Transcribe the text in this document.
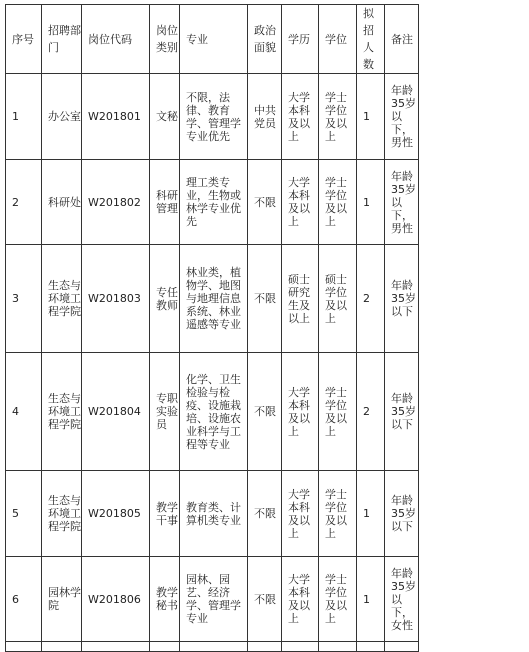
序号	招聘部门	岗位代码	岗位类别	专业	政治面貌	学历	学位	拟招人数	备注
1	办公室	W201801	文秘	不限，法律、教育学、管理学专业优先	中共党员	大学本科及以上	学士学位及以上	1	年龄35岁以下，男性
2	科研处	W201802	科研管理	理工类专业，生物或林学专业优先	不限	大学本科及以上	学士学位及以上	1	年龄35岁以下，男性
3	生态与环境工程学院	W201803	专任教师	林业类，植物学、地图与地理信息系统、林业遥感等专业	不限	硕士研究生及以上	硕士学位及以上	2	年龄35岁以下
4	生态与环境工程学院	W201804	专职实验员	化学、卫生检验与检疫、设施栽培、设施农业科学与工程等专业	不限	大学本科及以上	学士学位及以上	2	年龄35岁以下
5	生态与环境工程学院	W201805	教学干事	教育类、计算机类专业	不限	大学本科及以上	学士学位及以上	1	年龄35岁以下
6	园林学院	W201806	教学秘书	园林、园艺、经济学、管理学专业	不限	大学本科及以上	学士学位及以上	1	年龄35岁以下，女性
